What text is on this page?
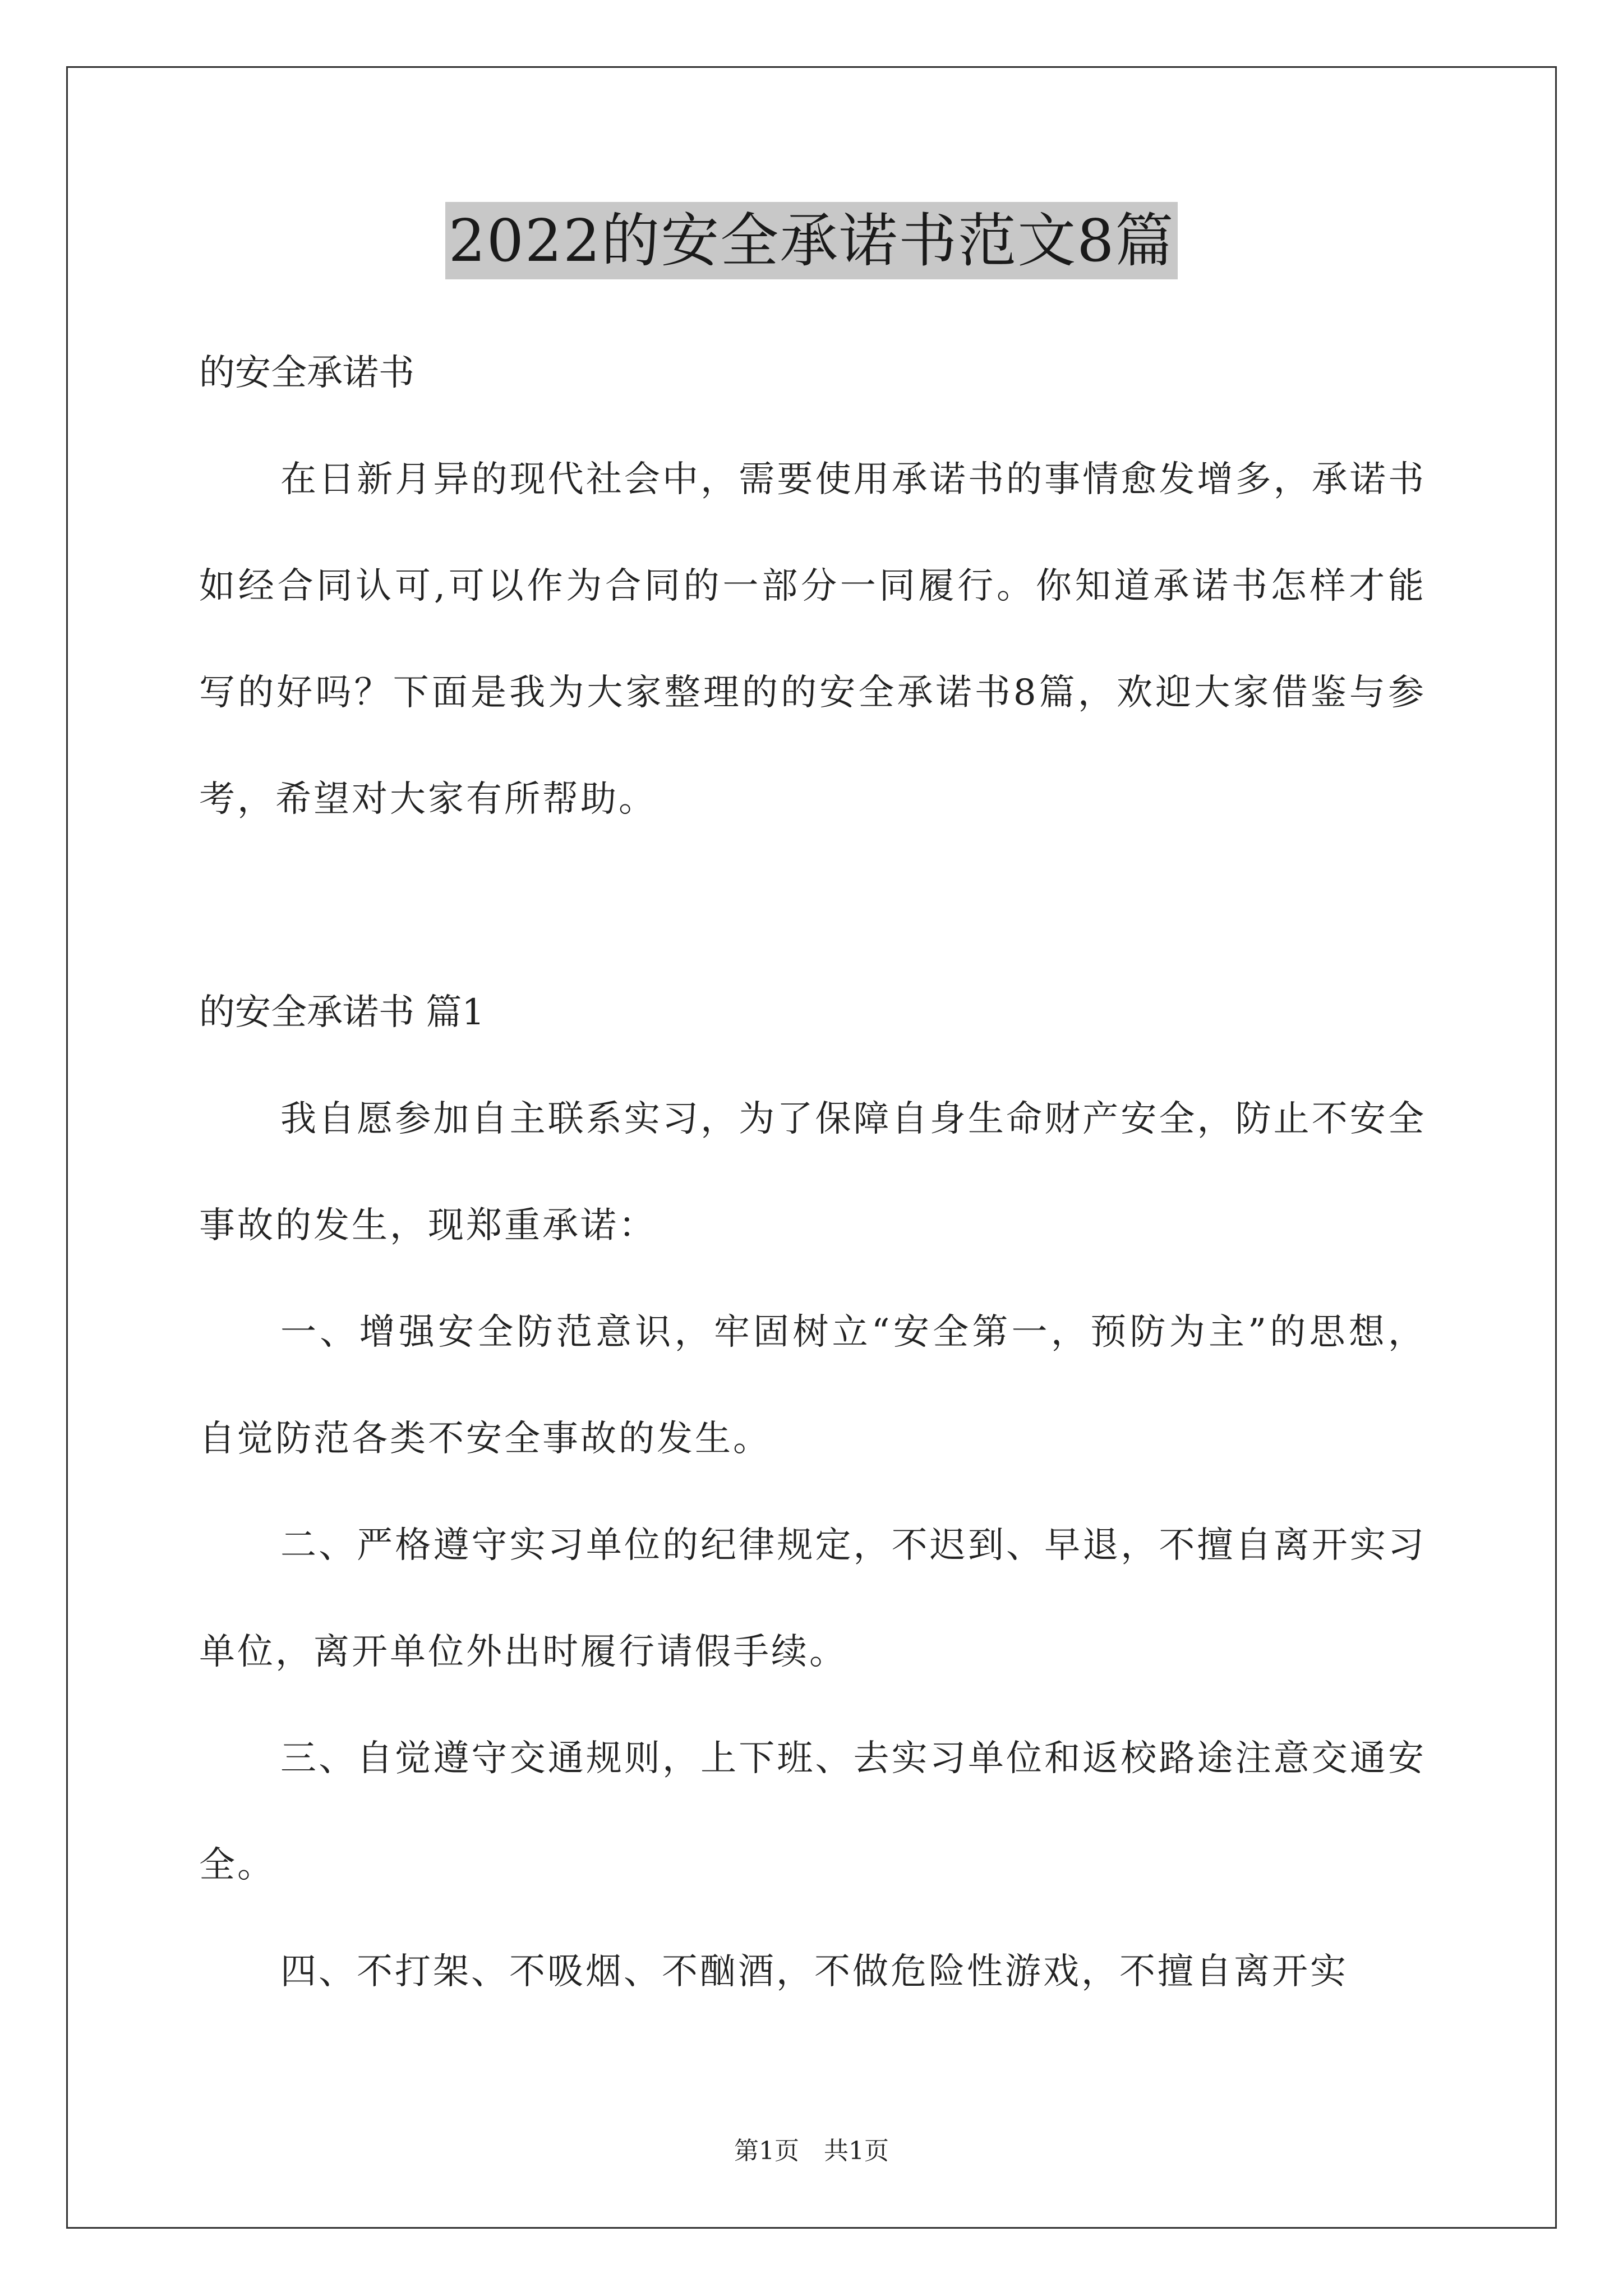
2022的安全承诺书范文8篇

的安全承诺书

在日新月异的现代社会中，需要使用承诺书的事情愈发增多，承诺书如经合同认可,可以作为合同的一部分一同履行。你知道承诺书怎样才能写的好吗？下面是我为大家整理的的安全承诺书8篇，欢迎大家借鉴与参考，希望对大家有所帮助。

的安全承诺书 篇1

我自愿参加自主联系实习，为了保障自身生命财产安全，防止不安全事故的发生，现郑重承诺：

一、增强安全防范意识，牢固树立“安全第一，预防为主”的思想，自觉防范各类不安全事故的发生。

二、严格遵守实习单位的纪律规定，不迟到、早退，不擅自离开实习单位，离开单位外出时履行请假手续。

三、自觉遵守交通规则，上下班、去实习单位和返校路途注意交通安全。

四、不打架、不吸烟、不酗酒，不做危险性游戏，不擅自离开实

第1页　共1页
